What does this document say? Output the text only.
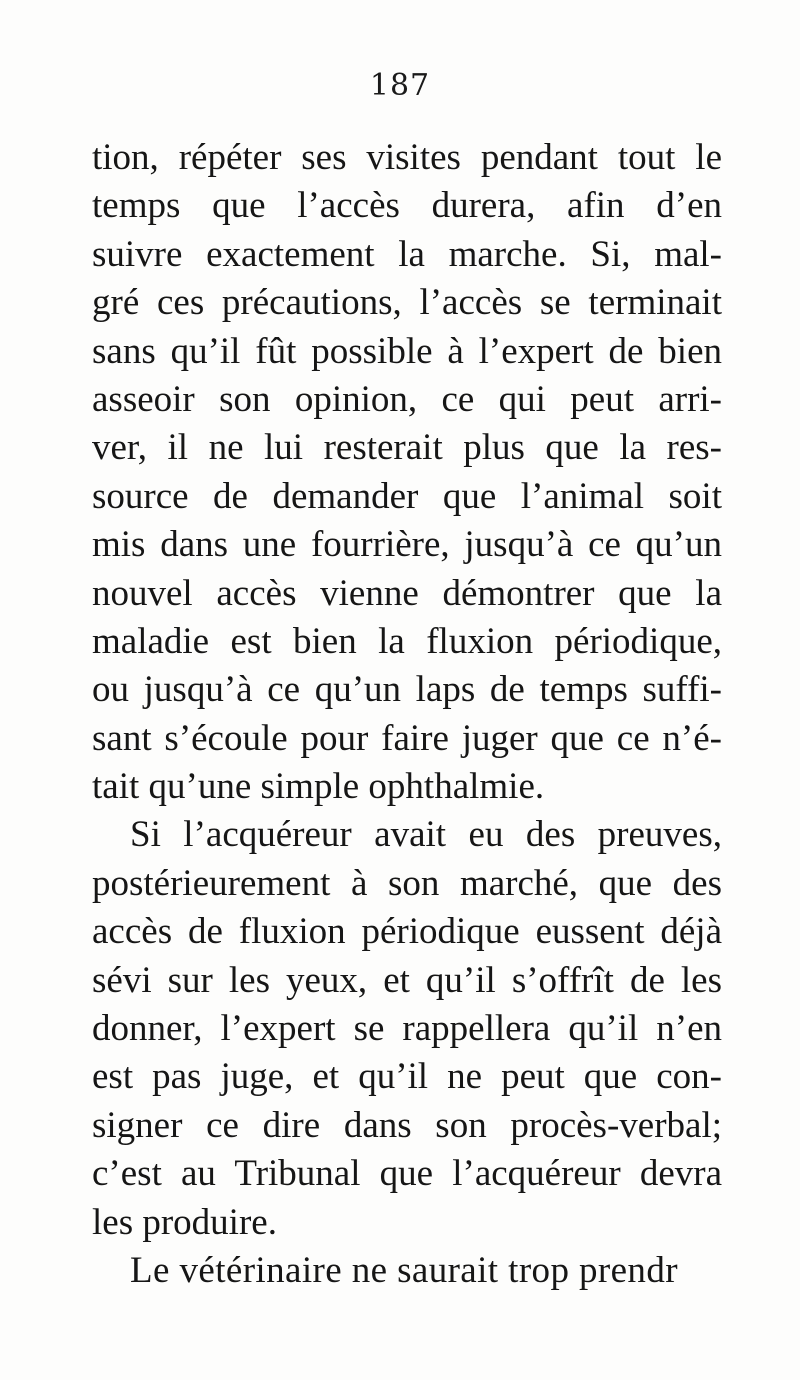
187
tion, répéter ses visites pendant tout le
temps que l’accès durera, afin d’en
suivre exactement la marche. Si, mal-
gré ces précautions, l’accès se terminait
sans qu’il fût possible à l’expert de bien
asseoir son opinion, ce qui peut arri-
ver, il ne lui resterait plus que la res-
source de demander que l’animal soit
mis dans une fourrière, jusqu’à ce qu’un
nouvel accès vienne démontrer que la
maladie est bien la fluxion périodique,
ou jusqu’à ce qu’un laps de temps suffi-
sant s’écoule pour faire juger que ce n’é-
tait qu’une simple ophthalmie.
Si l’acquéreur avait eu des preuves,
postérieurement à son marché, que des
accès de fluxion périodique eussent déjà
sévi sur les yeux, et qu’il s’offrît de les
donner, l’expert se rappellera qu’il n’en
est pas juge, et qu’il ne peut que con-
signer ce dire dans son procès-verbal;
c’est au Tribunal que l’acquéreur devra
les produire.
Le vétérinaire ne saurait trop prendr
